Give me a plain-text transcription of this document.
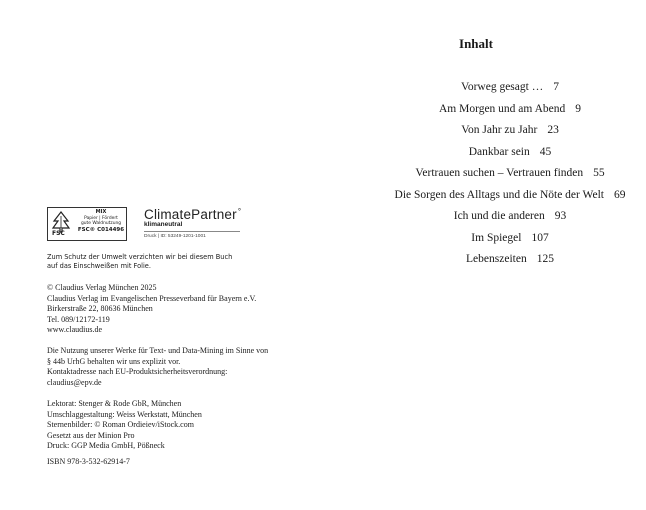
Inhalt
Vorweg gesagt … 7
Am Morgen und am Abend 9
Von Jahr zu Jahr 23
Dankbar sein 45
Vertrauen suchen – Vertrauen finden 55
Die Sorgen des Alltags und die Nöte der Welt 69
Ich und die anderen 93
Im Spiegel 107
Lebenszeiten 125
FSC
MIX
Papier | Fördert
gute Waldnutzung
FSC® C014496
ClimatePartner°
klimaneutral
Druck | ID: 53249-1201-1001
Zum Schutz der Umwelt verzichten wir bei diesem Buch
auf das Einschweißen mit Folie.
© Claudius Verlag München 2025
Claudius Verlag im Evangelischen Presseverband für Bayern e.V.
Birkerstraße 22, 80636 München
Tel. 089/12172-119
www.claudius.de
Die Nutzung unserer Werke für Text- und Data-Mining im Sinne von
§ 44b UrhG behalten wir uns explizit vor.
Kontaktadresse nach EU-Produktsicherheitsverordnung:
claudius@epv.de
Lektorat: Stenger & Rode GbR, München
Umschlaggestaltung: Weiss Werkstatt, München
Sternenbilder: © Roman Ordieiev/iStock.com
Gesetzt aus der Minion Pro
Druck: GGP Media GmbH, Pößneck
ISBN 978-3-532-62914-7
